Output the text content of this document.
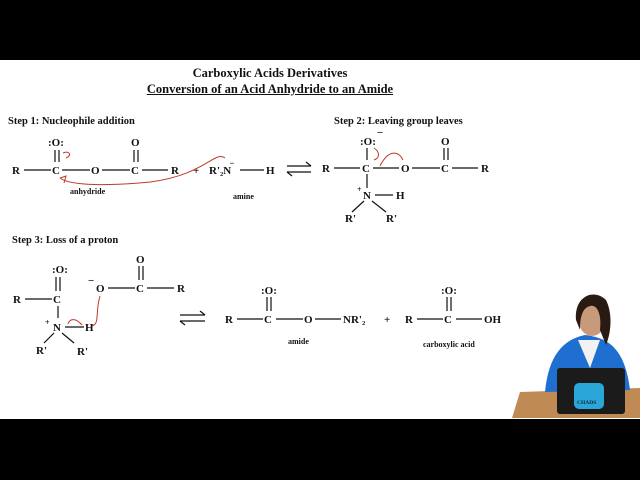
Carboxylic Acids Derivatives
Conversion of an Acid Anhydride to an Amide
Step 1: Nucleophile addition	Step 2: Leaving group leaves
Step 3: Loss of a proton
R	C
:O:
O	C
O
R
anhydride
+ R'₂N
..
H
amine
R	C
:O:
−
O	C
O
R
+
N H
R'	R'
:O:
R	C
+ N H
R'	R'
−
O	C
O
R
R	C
:O:
O	NR'₂
amide
+ R	C
:O:
OH
carboxylic acid
CHADS
